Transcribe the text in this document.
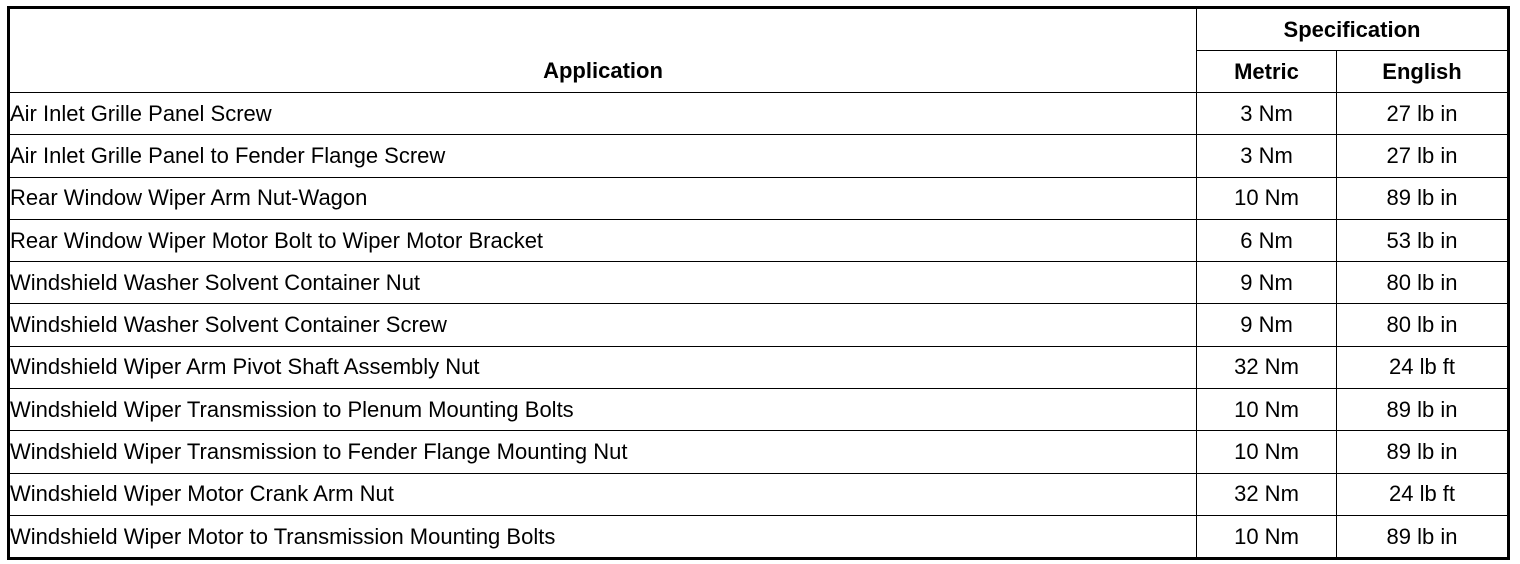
Application	Specification	
	Metric	English
Air Inlet Grille Panel Screw	3 Nm	27 lb in
Air Inlet Grille Panel to Fender Flange Screw	3 Nm	27 lb in
Rear Window Wiper Arm Nut-Wagon	10 Nm	89 lb in
Rear Window Wiper Motor Bolt to Wiper Motor Bracket	6 Nm	53 lb in
Windshield Washer Solvent Container Nut	9 Nm	80 lb in
Windshield Washer Solvent Container Screw	9 Nm	80 lb in
Windshield Wiper Arm Pivot Shaft Assembly Nut	32 Nm	24 lb ft
Windshield Wiper Transmission to Plenum Mounting Bolts	10 Nm	89 lb in
Windshield Wiper Transmission to Fender Flange Mounting Nut	10 Nm	89 lb in
Windshield Wiper Motor Crank Arm Nut	32 Nm	24 lb ft
Windshield Wiper Motor to Transmission Mounting Bolts	10 Nm	89 lb in
